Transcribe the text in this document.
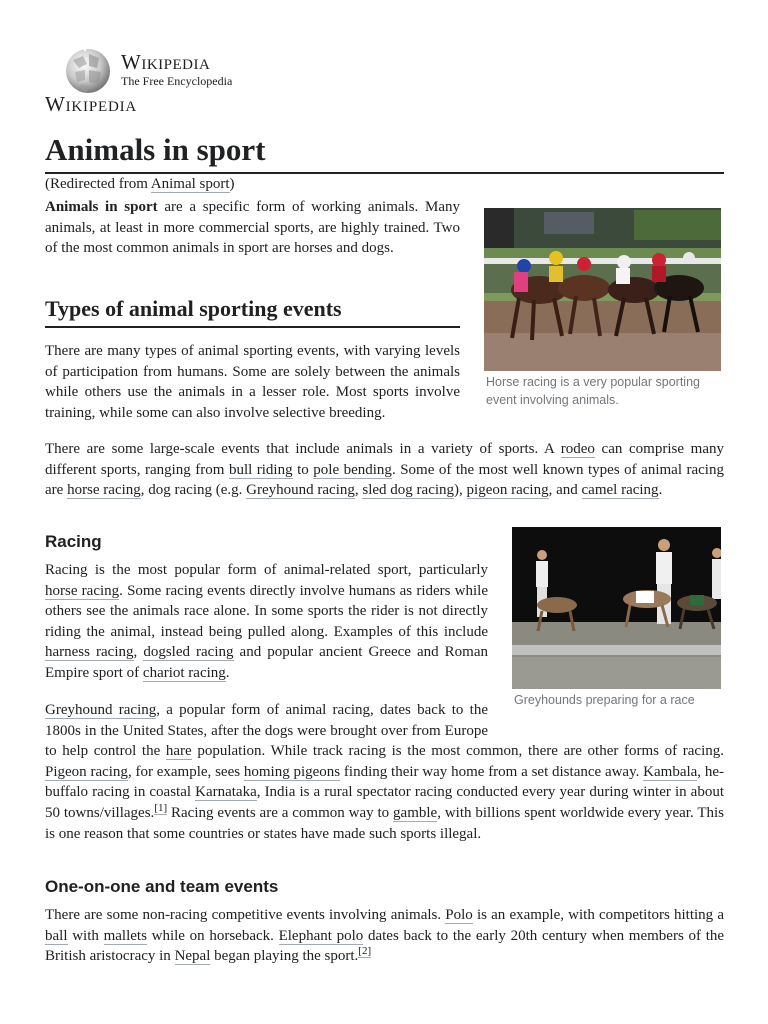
Wikipedia
The Free Encyclopedia
Wikipedia
Animals in sport
(Redirected from Animal sport)

Animals in sport are a specific form of working animals. Many animals, at least in more commercial sports, are highly trained. Two of the most common animals in sport are horses and dogs.

Horse racing is a very popular sporting event involving animals.
Types of animal sporting events

There are many types of animal sporting events, with varying levels of participation from humans. Some are solely between the animals while others use the animals in a lesser role. Most sports involve training, while some can also involve selective breeding.

There are some large-scale events that include animals in a variety of sports. A rodeo can comprise many different sports, ranging from bull riding to pole bending. Some of the most well known types of animal racing are horse racing, dog racing (e.g. Greyhound racing, sled dog racing), pigeon racing, and camel racing.

Racing
Greyhounds preparing for a race

Racing is the most popular form of animal-related sport, particularly horse racing. Some racing events directly involve humans as riders while others see the animals race alone. In some sports the rider is not directly riding the animal, instead being pulled along. Examples of this include harness racing, dogsled racing and popular ancient Greece and Roman Empire sport of chariot racing.

Greyhound racing, a popular form of animal racing, dates back to the 1800s in the United States, after the dogs were brought over from Europe to help control the hare population. While track racing is the most common, there are other forms of racing. Pigeon racing, for example, sees homing pigeons finding their way home from a set distance away. Kambala, he-buffalo racing in coastal Karnataka, India is a rural spectator racing conducted every year during winter in about 50 towns/villages.[1] Racing events are a common way to gamble, with billions spent worldwide every year. This is one reason that some countries or states have made such sports illegal.

One-on-one and team events

There are some non-racing competitive events involving animals. Polo is an example, with competitors hitting a ball with mallets while on horseback. Elephant polo dates back to the early 20th century when members of the British aristocracy in Nepal began playing the sport.[2]
